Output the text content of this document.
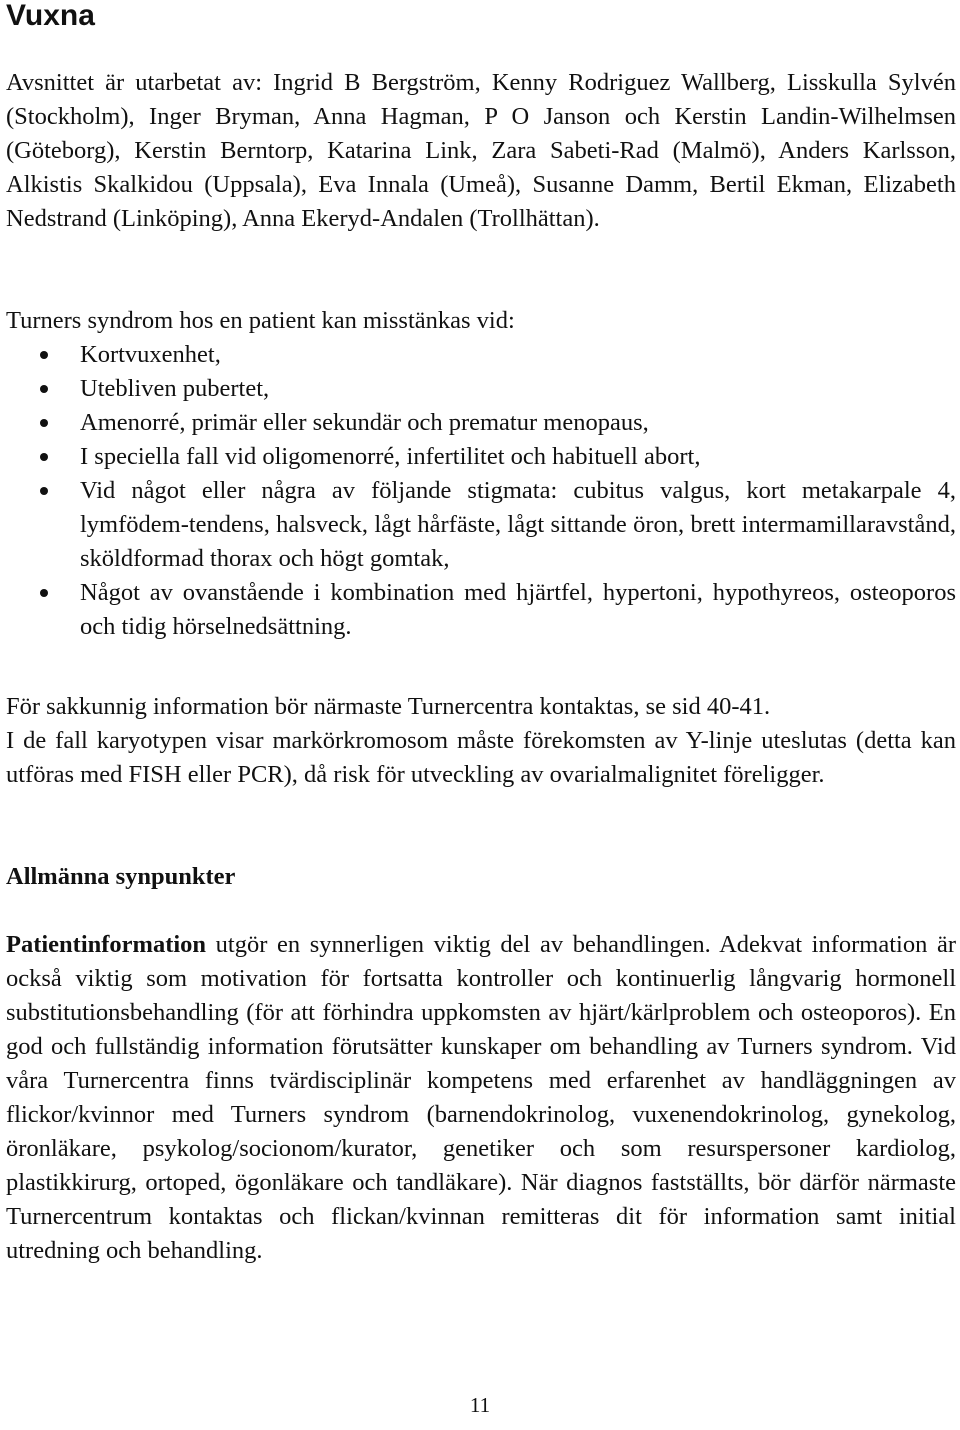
Vuxna

Avsnittet är utarbetat av: Ingrid B Bergström, Kenny Rodriguez Wallberg, Lisskulla Sylvén (Stockholm), Inger Bryman, Anna Hagman, P O Janson och Kerstin Landin-Wilhelmsen (Göteborg), Kerstin Berntorp, Katarina Link, Zara Sabeti-Rad (Malmö), Anders Karlsson, Alkistis Skalkidou (Uppsala), Eva Innala (Umeå), Susanne Damm, Bertil Ekman, Elizabeth Nedstrand (Linköping), Anna Ekeryd-Andalen (Trollhättan).

Turners syndrom hos en patient kan misstänkas vid:

Kortvuxenhet,
Utebliven pubertet,
Amenorré, primär eller sekundär och prematur menopaus,
I speciella fall vid oligomenorré, infertilitet och habituell abort,
Vid något eller några av följande stigmata: cubitus valgus, kort metakarpale 4, lymfödem-tendens, halsveck, lågt hårfäste, lågt sittande öron, brett intermamillaravstånd, sköldformad thorax och högt gomtak,
Något av ovanstående i kombination med hjärtfel, hypertoni, hypothyreos, osteoporos och tidig hörselnedsättning.

För sakkunnig information bör närmaste Turnercentra kontaktas, se sid 40-41.

I de fall karyotypen visar markörkromosom måste förekomsten av Y-linje uteslutas (detta kan utföras med FISH eller PCR), då risk för utveckling av ovarialmalignitet föreligger.

Allmänna synpunkter

Patientinformation utgör en synnerligen viktig del av behandlingen. Adekvat information är också viktig som motivation för fortsatta kontroller och kontinuerlig långvarig hormonell substitutionsbehandling (för att förhindra uppkomsten av hjärt/kärlproblem och osteoporos). En god och fullständig information förutsätter kunskaper om behandling av Turners syndrom. Vid våra Turnercentra finns tvärdisciplinär kompetens med erfarenhet av handläggningen av flickor/kvinnor med Turners syndrom (barnendokrinolog, vuxenendokrinolog, gynekolog, öronläkare, psykolog/socionom/kurator, genetiker och som resurspersoner kardiolog, plastikkirurg, ortoped, ögonläkare och tandläkare). När diagnos fastställts, bör därför närmaste Turnercentrum kontaktas och flickan/kvinnan remitteras dit för information samt initial utredning och behandling.

11
